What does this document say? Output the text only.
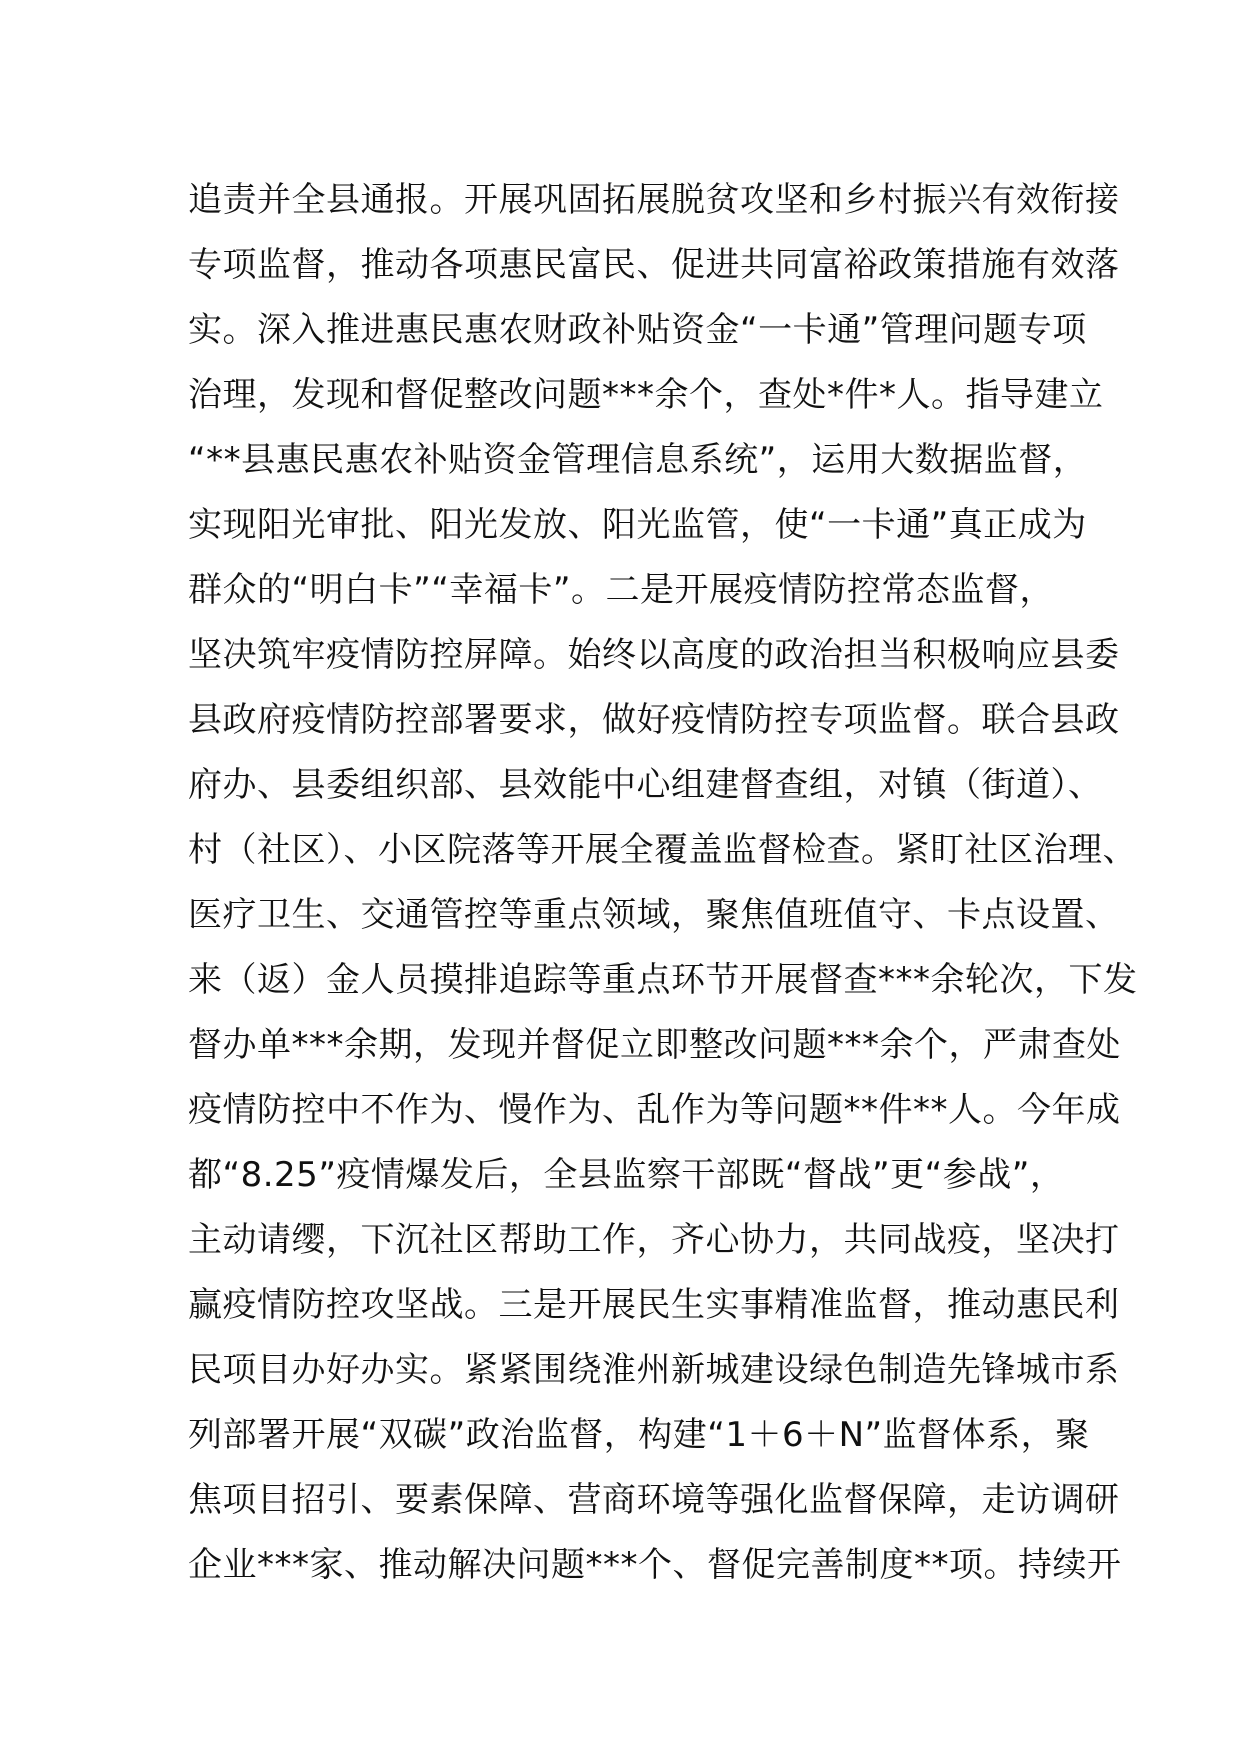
追责并全县通报。开展巩固拓展脱贫攻坚和乡村振兴有效衔接
专项监督，推动各项惠民富民、促进共同富裕政策措施有效落
实。深入推进惠民惠农财政补贴资金“一卡通”管理问题专项
治理，发现和督促整改问题***余个，查处*件*人。指导建立
“**县惠民惠农补贴资金管理信息系统”，运用大数据监督，
实现阳光审批、阳光发放、阳光监管，使“一卡通”真正成为
群众的“明白卡”“幸福卡”。二是开展疫情防控常态监督，
坚决筑牢疫情防控屏障。始终以高度的政治担当积极响应县委
县政府疫情防控部署要求，做好疫情防控专项监督。联合县政
府办、县委组织部、县效能中心组建督查组，对镇（街道）、
村（社区）、小区院落等开展全覆盖监督检查。紧盯社区治理、
医疗卫生、交通管控等重点领域，聚焦值班值守、卡点设置、
来（返）金人员摸排追踪等重点环节开展督查***余轮次，下发
督办单***余期，发现并督促立即整改问题***余个，严肃查处
疫情防控中不作为、慢作为、乱作为等问题**件**人。今年成
都“8.25”疫情爆发后，全县监察干部既“督战”更“参战”，
主动请缨，下沉社区帮助工作，齐心协力，共同战疫，坚决打
赢疫情防控攻坚战。三是开展民生实事精准监督，推动惠民利
民项目办好办实。紧紧围绕淮州新城建设绿色制造先锋城市系
列部署开展“双碳”政治监督，构建“1＋6＋N”监督体系，聚
焦项目招引、要素保障、营商环境等强化监督保障，走访调研
企业***家、推动解决问题***个、督促完善制度**项。持续开
